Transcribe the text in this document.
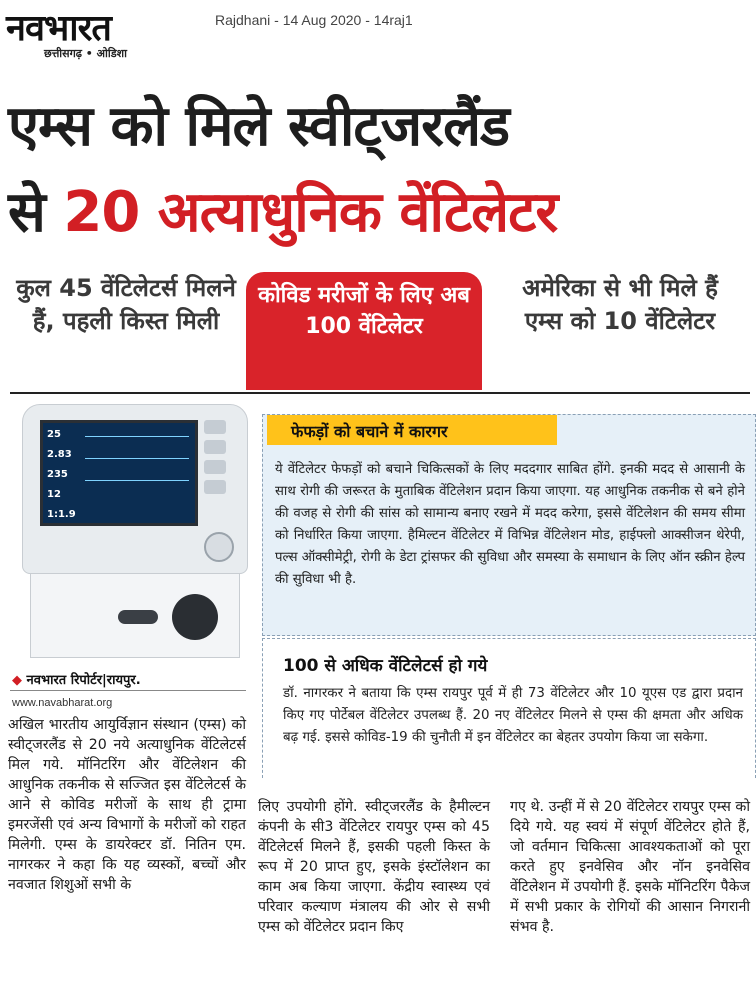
नवभारत
छत्तीसगढ़ • ओडिशा
Rajdhani - 14 Aug 2020 - 14raj1
एम्स को मिले स्वीट्जरलैंड
से 20 अत्याधुनिक वेंटिलेटर
कुल 45 वेंटिलेटर्स मिलने हैं, पहली किस्त मिली
कोविड मरीजों के लिए अब 100 वेंटिलेटर
अमेरिका से भी मिले हैं एम्स को 10 वेंटिलेटर
25
2.83
235
12
1:1.9
◆ नवभारत रिपोर्टर|रायपुर.
www.navabharat.org
फेफड़ों को बचाने में कारगर
ये वेंटिलेटर फेफड़ों को बचाने चिकित्सकों के लिए मददगार साबित होंगे. इनकी मदद से आसानी के साथ रोगी की जरूरत के मुताबिक वेंटिलेशन प्रदान किया जाएगा. यह आधुनिक तकनीक से बने होने की वजह से रोगी की सांस को सामान्य बनाए रखने में मदद करेगा, इससे वेंटिलेशन की समय सीमा को निर्धारित किया जाएगा. हैमिल्टन वेंटिलेटर में विभिन्न वेंटिलेशन मोड, हाईफ्लो आक्सीजन थेरेपी, पल्स ऑक्सीमेट्री, रोगी के डेटा ट्रांसफर की सुविधा और समस्या के समाधान के लिए ऑन स्क्रीन हेल्प की सुविधा भी है.
100 से अधिक वेंटिलेटर्स हो गये
डॉ. नागरकर ने बताया कि एम्स रायपुर पूर्व में ही 73 वेंटिलेटर और 10 यूएस एड द्वारा प्रदान किए गए पोर्टेबल वेंटिलेटर उपलब्ध हैं. 20 नए वेंटिलेटर मिलने से एम्स की क्षमता और अधिक बढ़ गई. इससे कोविड-19 की चुनौती में इन वेंटिलेटर का बेहतर उपयोग किया जा सकेगा.
अखिल भारतीय आयुर्विज्ञान संस्थान (एम्स) को स्वीट्जरलैंड से 20 नये अत्याधुनिक वेंटिलेटर्स मिल गये. मॉनिटरिंग और वेंटिलेशन की आधुनिक तकनीक से सज्जित इस वेंटिलेटर्स के आने से कोविड मरीजों के साथ ही ट्रामा इमरजेंसी एवं अन्य विभागों के मरीजों को राहत मिलेगी. एम्स के डायरेक्टर डॉ. नितिन एम. नागरकर ने कहा कि यह व्यस्कों, बच्चों और नवजात शिशुओं सभी के
लिए उपयोगी होंगे. स्वीट्जरलैंड के हैमील्टन कंपनी के सी3 वेंटिलेटर रायपुर एम्स को 45 वेंटिलेटर्स मिलने हैं, इसकी पहली किस्त के रूप में 20 प्राप्त हुए, इसके इंस्टॉलेशन का काम अब किया जाएगा. केंद्रीय स्वास्थ्य एवं परिवार कल्याण मंत्रालय की ओर से सभी एम्स को वेंटिलेटर प्रदान किए
गए थे. उन्हीं में से 20 वेंटिलेटर रायपुर एम्स को दिये गये. यह स्वयं में संपूर्ण वेंटिलेटर होते हैं, जो वर्तमान चिकित्सा आवश्यकताओं को पूरा करते हुए इनवेसिव और नॉन इनवेसिव वेंटिलेशन में उपयोगी हैं. इसके मॉनिटरिंग पैकेज में सभी प्रकार के रोगियों की आसान निगरानी संभव है.
